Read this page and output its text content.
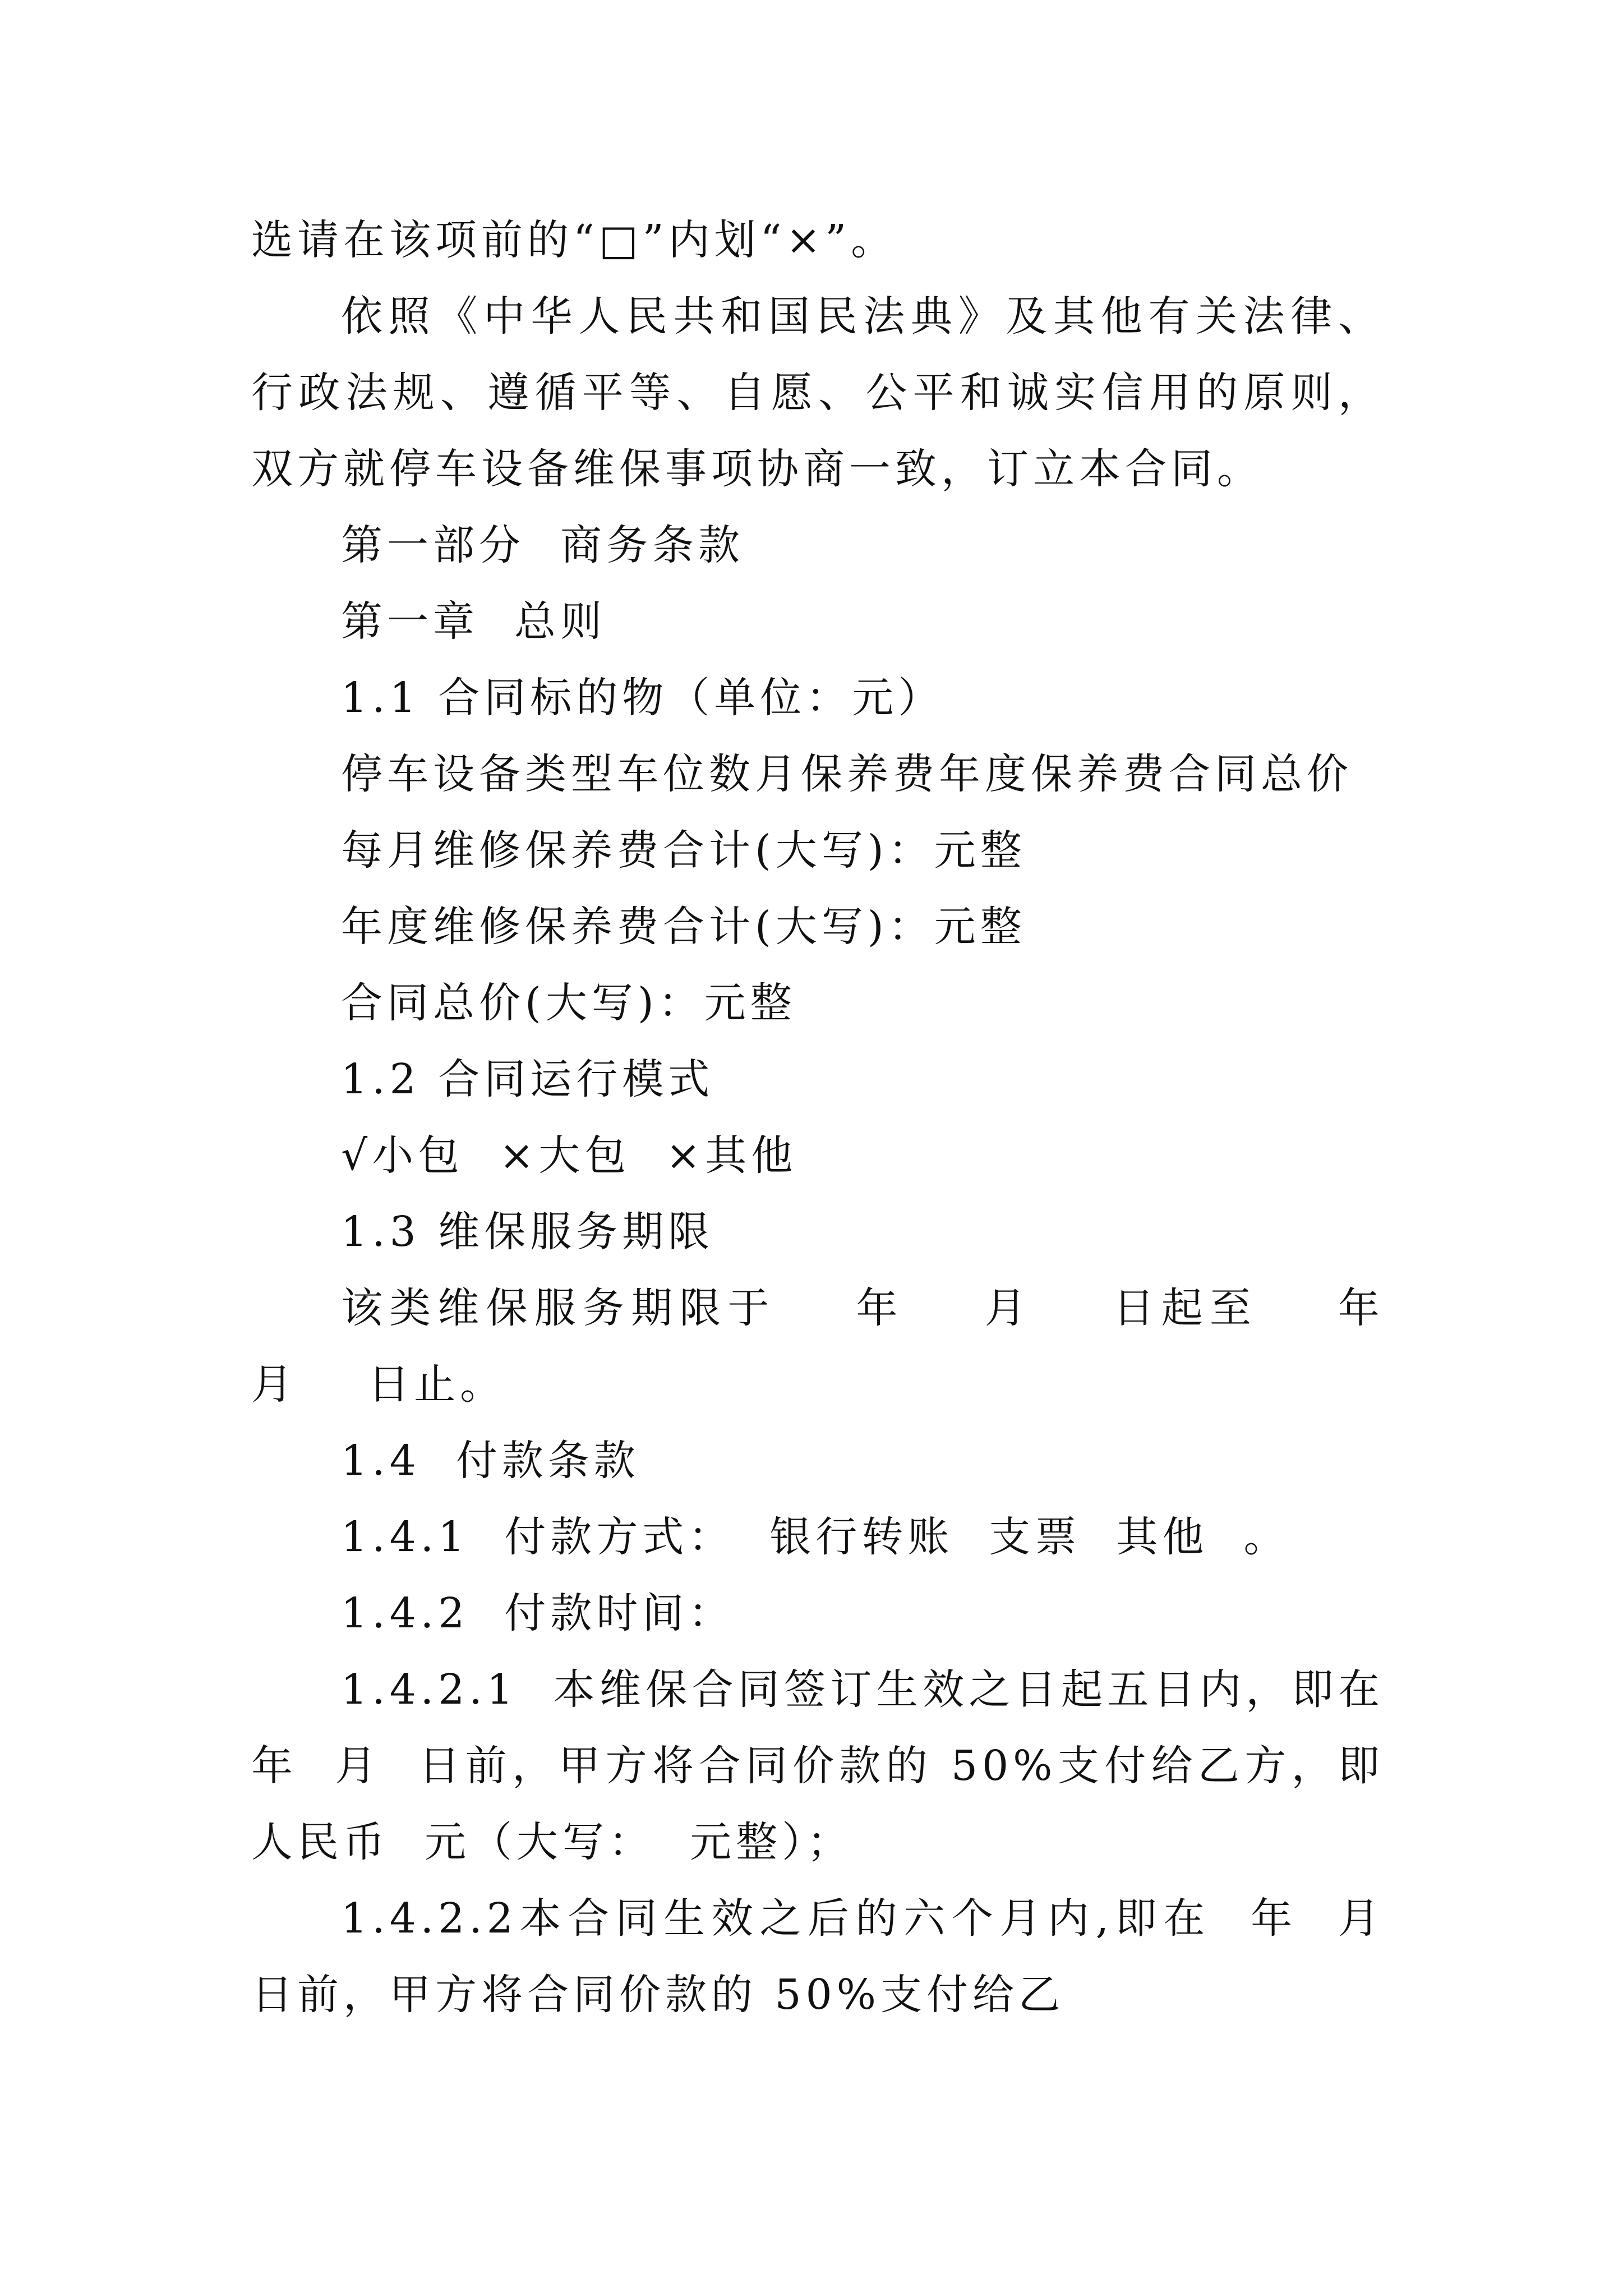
选请在该项前的“□”内划“×”。

依照《中华人民共和国民法典》及其他有关法律、行政法规、遵循平等、自愿、公平和诚实信用的原则，双方就停车设备维保事项协商一致，订立本合同。

第一部分  商务条款

第一章  总则

1.1 合同标的物（单位：元）

停车设备类型车位数月保养费年度保养费合同总价

每月维修保养费合计(大写)：元整

年度维修保养费合计(大写)：元整

合同总价(大写)：元整

1.2 合同运行模式

√小包  ×大包  ×其他

1.3 维保服务期限

该类维保服务期限于    年    月    日起至    年    月    日止。

1.4  付款条款

1.4.1  付款方式：  银行转账  支票  其他  。

1.4.2  付款时间：

1.4.2.1  本维保合同签订生效之日起五日内，即在  年  月  日前，甲方将合同价款的 50%支付给乙方，即人民币  元（大写：  元整）；

1.4.2.2本合同生效之后的六个月内,即在  年  月  日前，甲方将合同价款的 50%支付给乙
